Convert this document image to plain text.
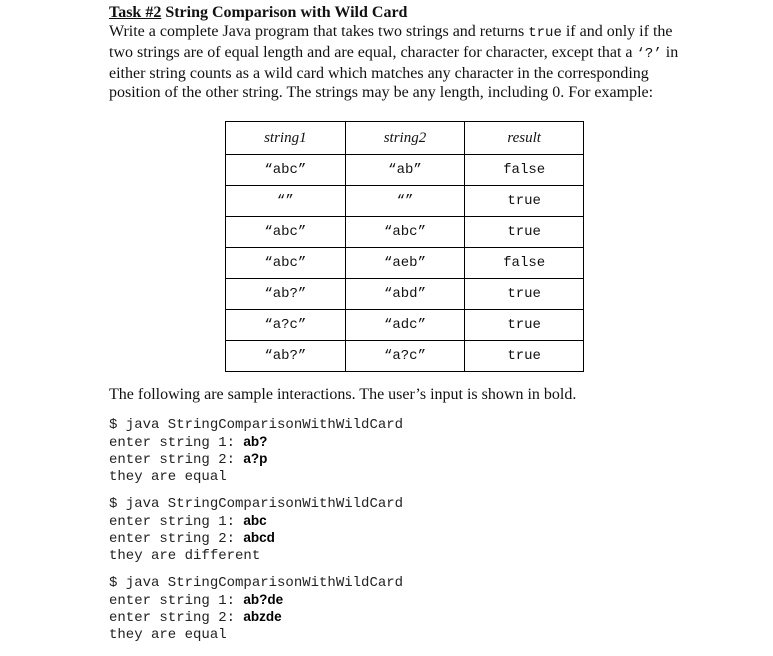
Task #2 String Comparison with Wild Card

Write a complete Java program that takes two strings and returns true if and only if the two strings are of equal length and are equal, character for character, except that a ‘?’ in either string counts as a wild card which matches any character in the corresponding position of the other string. The strings may be any length, including 0. For example:

string1	string2	result
“abc”	“ab”	false
“”	“”	true
“abc”	“abc”	true
“abc”	“aeb”	false
“ab?”	“abd”	true
“a?c”	“adc”	true
“ab?”	“a?c”	true

The following are sample interactions. The user’s input is shown in bold.

$ java StringComparisonWithWildCard
enter string 1: ab?
enter string 2: a?p
they are equal
$ java StringComparisonWithWildCard
enter string 1: abc
enter string 2: abcd
they are different
$ java StringComparisonWithWildCard
enter string 1: ab?de
enter string 2: abzde
they are equal
